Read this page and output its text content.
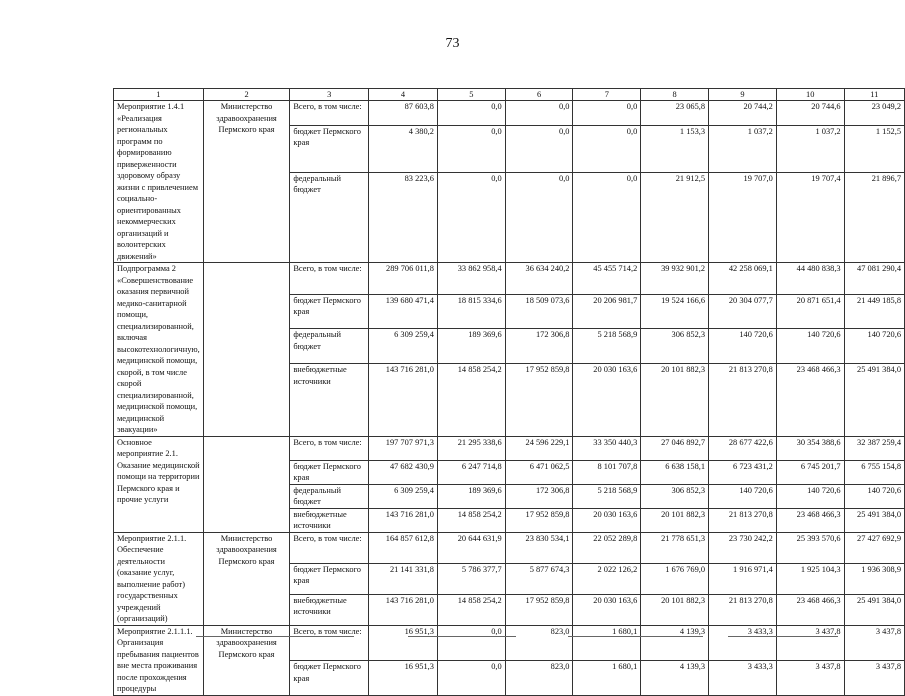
73
1	2	3	4	5	6	7	8	9	10	11
Мероприятие 1.4.1 «Реализация региональных программ по формированию приверженности здоровому образу жизни с привлечением социально-ориентированных некоммерческих организаций и волонтерских движений»	Министерство здравоохранения Пермского края	Всего, в том числе:	87 603,8	0,0	0,0	0,0	23 065,8	20 744,2	20 744,6	23 049,2
		бюджет Пермского края	4 380,2	0,0	0,0	0,0	1 153,3	1 037,2	1 037,2	1 152,5
		федеральный бюджет	83 223,6	0,0	0,0	0,0	21 912,5	19 707,0	19 707,4	21 896,7
Подпрограмма 2 «Совершенствование оказания первичной медико-санитарной помощи, специализированной, включая высокотехнологичную, медицинской помощи, скорой, в том числе скорой специализированной, медицинской помощи, медицинской эвакуации»		Всего, в том числе:	289 706 011,8	33 862 958,4	36 634 240,2	45 455 714,2	39 932 901,2	42 258 069,1	44 480 838,3	47 081 290,4
		бюджет Пермского края	139 680 471,4	18 815 334,6	18 509 073,6	20 206 981,7	19 524 166,6	20 304 077,7	20 871 651,4	21 449 185,8
		федеральный бюджет	6 309 259,4	189 369,6	172 306,8	5 218 568,9	306 852,3	140 720,6	140 720,6	140 720,6
		внебюджетные источники	143 716 281,0	14 858 254,2	17 952 859,8	20 030 163,6	20 101 882,3	21 813 270,8	23 468 466,3	25 491 384,0
Основное мероприятие 2.1. Оказание медицинской помощи на территории Пермского края и прочие услуги		Всего, в том числе:	197 707 971,3	21 295 338,6	24 596 229,1	33 350 440,3	27 046 892,7	28 677 422,6	30 354 388,6	32 387 259,4
		бюджет Пермского края	47 682 430,9	6 247 714,8	6 471 062,5	8 101 707,8	6 638 158,1	6 723 431,2	6 745 201,7	6 755 154,8
		федеральный бюджет	6 309 259,4	189 369,6	172 306,8	5 218 568,9	306 852,3	140 720,6	140 720,6	140 720,6
		внебюджетные источники	143 716 281,0	14 858 254,2	17 952 859,8	20 030 163,6	20 101 882,3	21 813 270,8	23 468 466,3	25 491 384,0
Мероприятие 2.1.1. Обеспечение деятельности (оказание услуг, выполнение работ) государственных учреждений (организаций)	Министерство здравоохранения Пермского края	Всего, в том числе:	164 857 612,8	20 644 631,9	23 830 534,1	22 052 289,8	21 778 651,3	23 730 242,2	25 393 570,6	27 427 692,9
		бюджет Пермского края	21 141 331,8	5 786 377,7	5 877 674,3	2 022 126,2	1 676 769,0	1 916 971,4	1 925 104,3	1 936 308,9
		внебюджетные источники	143 716 281,0	14 858 254,2	17 952 859,8	20 030 163,6	20 101 882,3	21 813 270,8	23 468 466,3	25 491 384,0
Мероприятие 2.1.1.1. Организация пребывания пациентов вне места проживания после прохождения процедуры	Министерство здравоохранения Пермского края	Всего, в том числе:	16 951,3	0,0	823,0	1 680,1	4 139,3	3 433,3	3 437,8	3 437,8
		бюджет Пермского края	16 951,3	0,0	823,0	1 680,1	4 139,3	3 433,3	3 437,8	3 437,8
